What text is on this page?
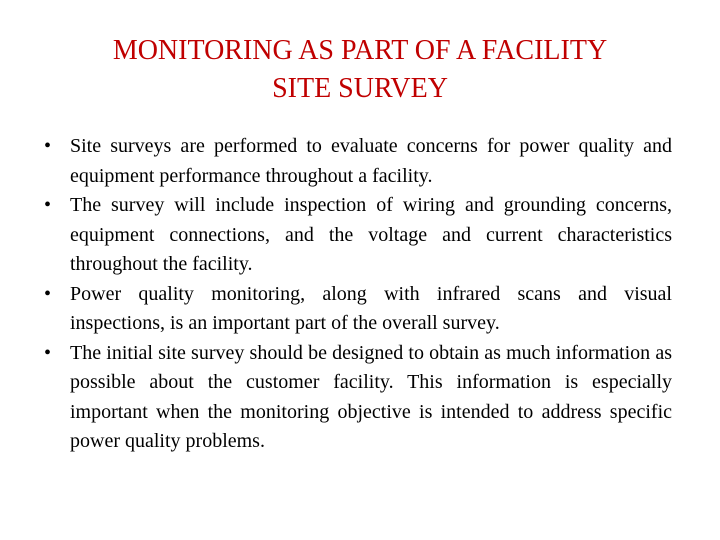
MONITORING AS PART OF A FACILITY
SITE SURVEY
• Site surveys are performed to evaluate concerns for power quality and equipment performance throughout a facility.
• The survey will include inspection of wiring and grounding concerns, equipment connections, and the voltage and current characteristics throughout the facility.
• Power quality monitoring, along with infrared scans and visual inspections, is an important part of the overall survey.
• The initial site survey should be designed to obtain as much information as possible about the customer facility. This information is especially important when the monitoring objective is intended to address specific power quality problems.
